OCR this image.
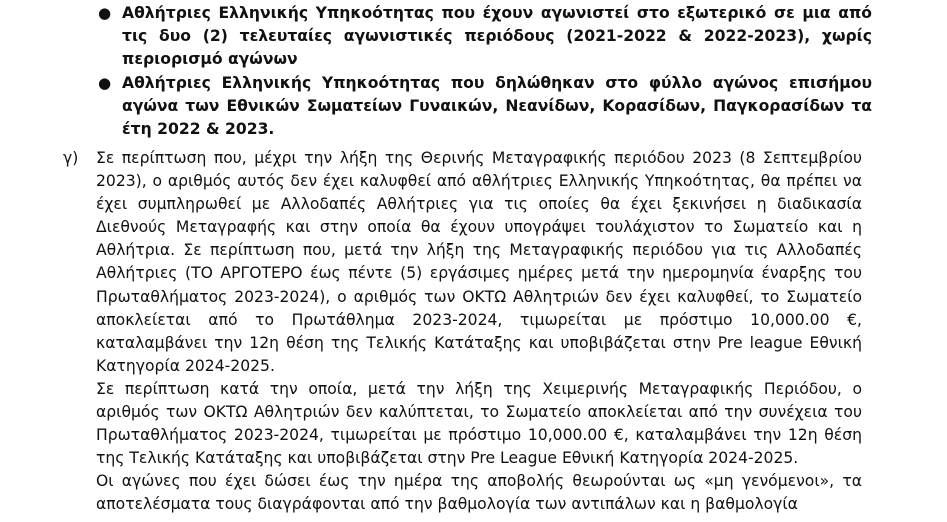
● Αθλήτριες Ελληνικής Υπηκοότητας που έχουν αγωνιστεί στο εξωτερικό σε μια από τις δυο (2) τελευταίες αγωνιστικές περιόδους (2021-2022 & 2022-2023), χωρίς περιορισμό αγώνων
● Αθλήτριες Ελληνικής Υπηκοότητας που δηλώθηκαν στο φύλλο αγώνος επισήμου αγώνα των Εθνικών Σωματείων Γυναικών, Νεανίδων, Κορασίδων, Παγκορασίδων τα έτη 2022 & 2023.
γ) Σε περίπτωση που, μέχρι την λήξη της Θερινής Μεταγραφικής περιόδου 2023 (8 Σεπτεμβρίου 2023), ο αριθμός αυτός δεν έχει καλυφθεί από αθλήτριες Ελληνικής Υπηκοότητας, θα πρέπει να έχει συμπληρωθεί με Αλλοδαπές Αθλήτριες για τις οποίες θα έχει ξεκινήσει η διαδικασία Διεθνούς Μεταγραφής και στην οποία θα έχουν υπογράψει τουλάχιστον το Σωματείο και η Αθλήτρια. Σε περίπτωση που, μετά την λήξη της Μεταγραφικής περιόδου για τις Αλλοδαπές Αθλήτριες (ΤΟ ΑΡΓΟΤΕΡΟ έως πέντε (5) εργάσιμες ημέρες μετά την ημερομηνία έναρξης του Πρωταθλήματος 2023-2024), ο αριθμός των ΟΚΤΩ Αθλητριών δεν έχει καλυφθεί, το Σωματείο αποκλείεται από το Πρωτάθλημα 2023-2024, τιμωρείται με πρόστιμο 10,000.00 €, καταλαμβάνει την 12η θέση της Τελικής Κατάταξης και υποβιβάζεται στην Pre league Εθνική Κατηγορία 2024-2025.

Σε περίπτωση κατά την οποία, μετά την λήξη της Χειμερινής Μεταγραφικής Περιόδου, ο αριθμός των ΟΚΤΩ Αθλητριών δεν καλύπτεται, το Σωματείο αποκλείεται από την συνέχεια του Πρωταθλήματος 2023-2024, τιμωρείται με πρόστιμο 10,000.00 €, καταλαμβάνει την 12η θέση της Τελικής Κατάταξης και υποβιβάζεται στην Pre League Εθνική Κατηγορία 2024-2025.

Οι αγώνες που έχει δώσει έως την ημέρα της αποβολής θεωρούνται ως «μη γενόμενοι», τα αποτελέσματα τους διαγράφονται από την βαθμολογία των αντιπάλων και η βαθμολογία
